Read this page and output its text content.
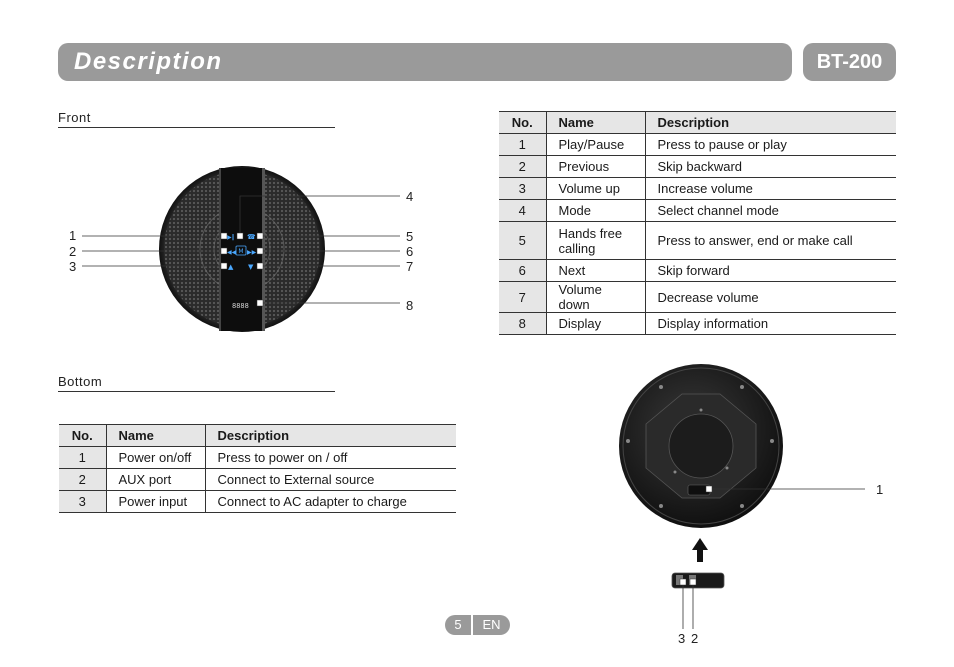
Description	BT-200
Front
▶‖
◀◀
▲
M
☎
▶▶
▼
8888
1
2
3
4
5
6
7
8
No.	Name	Description
1	Play/Pause	Press to pause or play
2	Previous	Skip backward
3	Volume up	Increase volume
4	Mode	Select channel mode
5	Hands free calling	Press to answer, end or make call
6	Next	Skip forward
7	Volume down	Decrease volume
8	Display	Display information
Bottom
No.	Name	Description
1	Power on/off	Press to power on / off
2	AUX port	Connect to External source
3	Power input	Connect to AC adapter to charge
1
3 2
5	EN
